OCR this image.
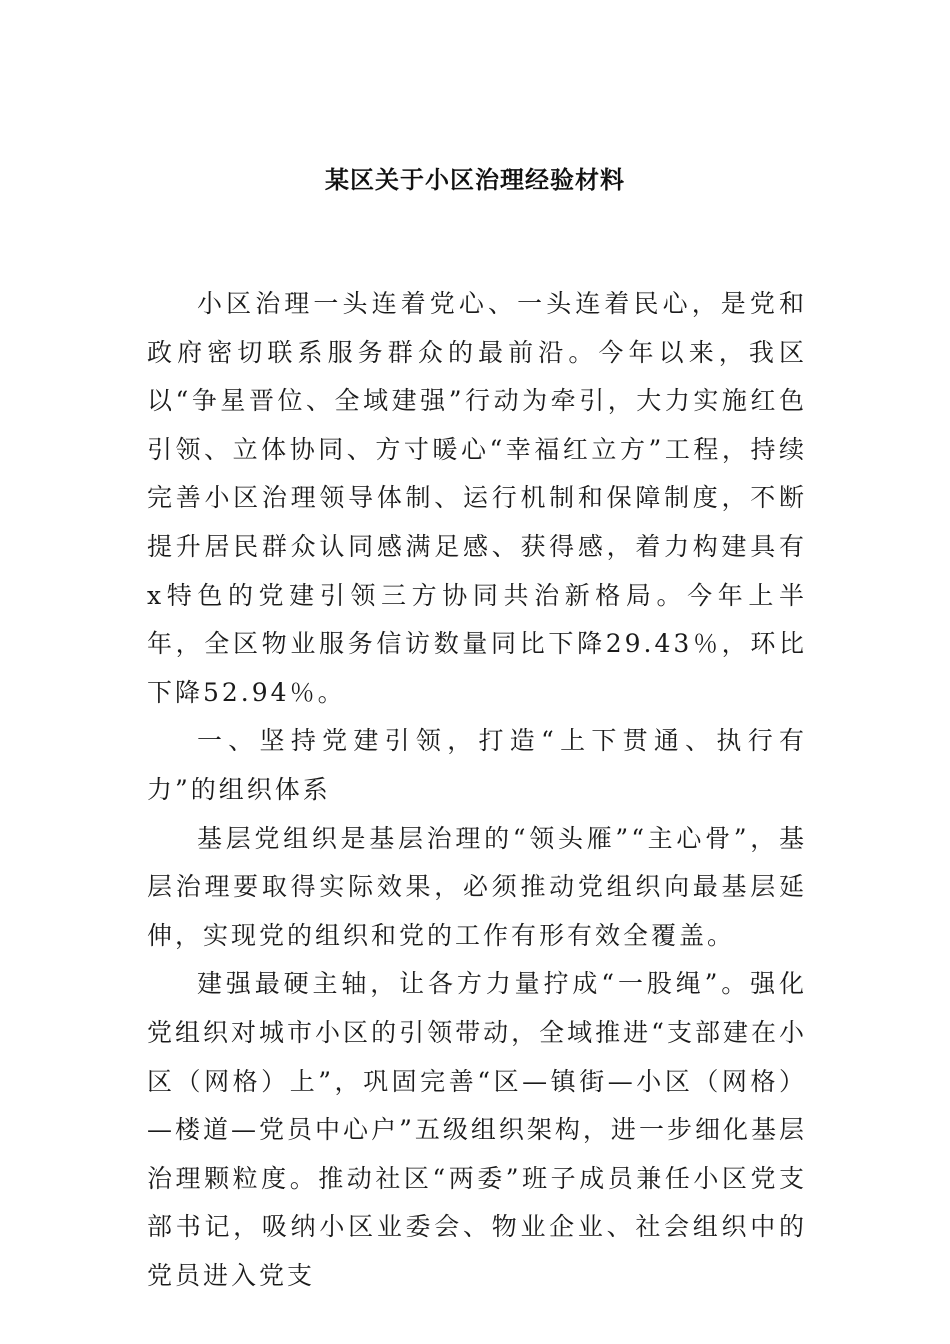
某区关于小区治理经验材料

小区治理一头连着党心、一头连着民心，是党和政府密切联系服务群众的最前沿。今年以来，我区以“争星晋位、全域建强”行动为牵引，大力实施红色引领、立体协同、方寸暖心“幸福红立方”工程，持续完善小区治理领导体制、运行机制和保障制度，不断提升居民群众认同感满足感、获得感，着力构建具有x特色的党建引领三方协同共治新格局。今年上半年，全区物业服务信访数量同比下降29.43％，环比下降52.94％。

一、坚持党建引领，打造“上下贯通、执行有力”的组织体系

基层党组织是基层治理的“领头雁”“主心骨”，基层治理要取得实际效果，必须推动党组织向最基层延伸，实现党的组织和党的工作有形有效全覆盖。

建强最硬主轴，让各方力量拧成“一股绳”。强化党组织对城市小区的引领带动，全域推进“支部建在小区（网格）上”，巩固完善“区—镇街—小区（网格）—楼道—党员中心户”五级组织架构，进一步细化基层治理颗粒度。推动社区“两委”班子成员兼任小区党支部书记，吸纳小区业委会、物业企业、社会组织中的党员进入党支
